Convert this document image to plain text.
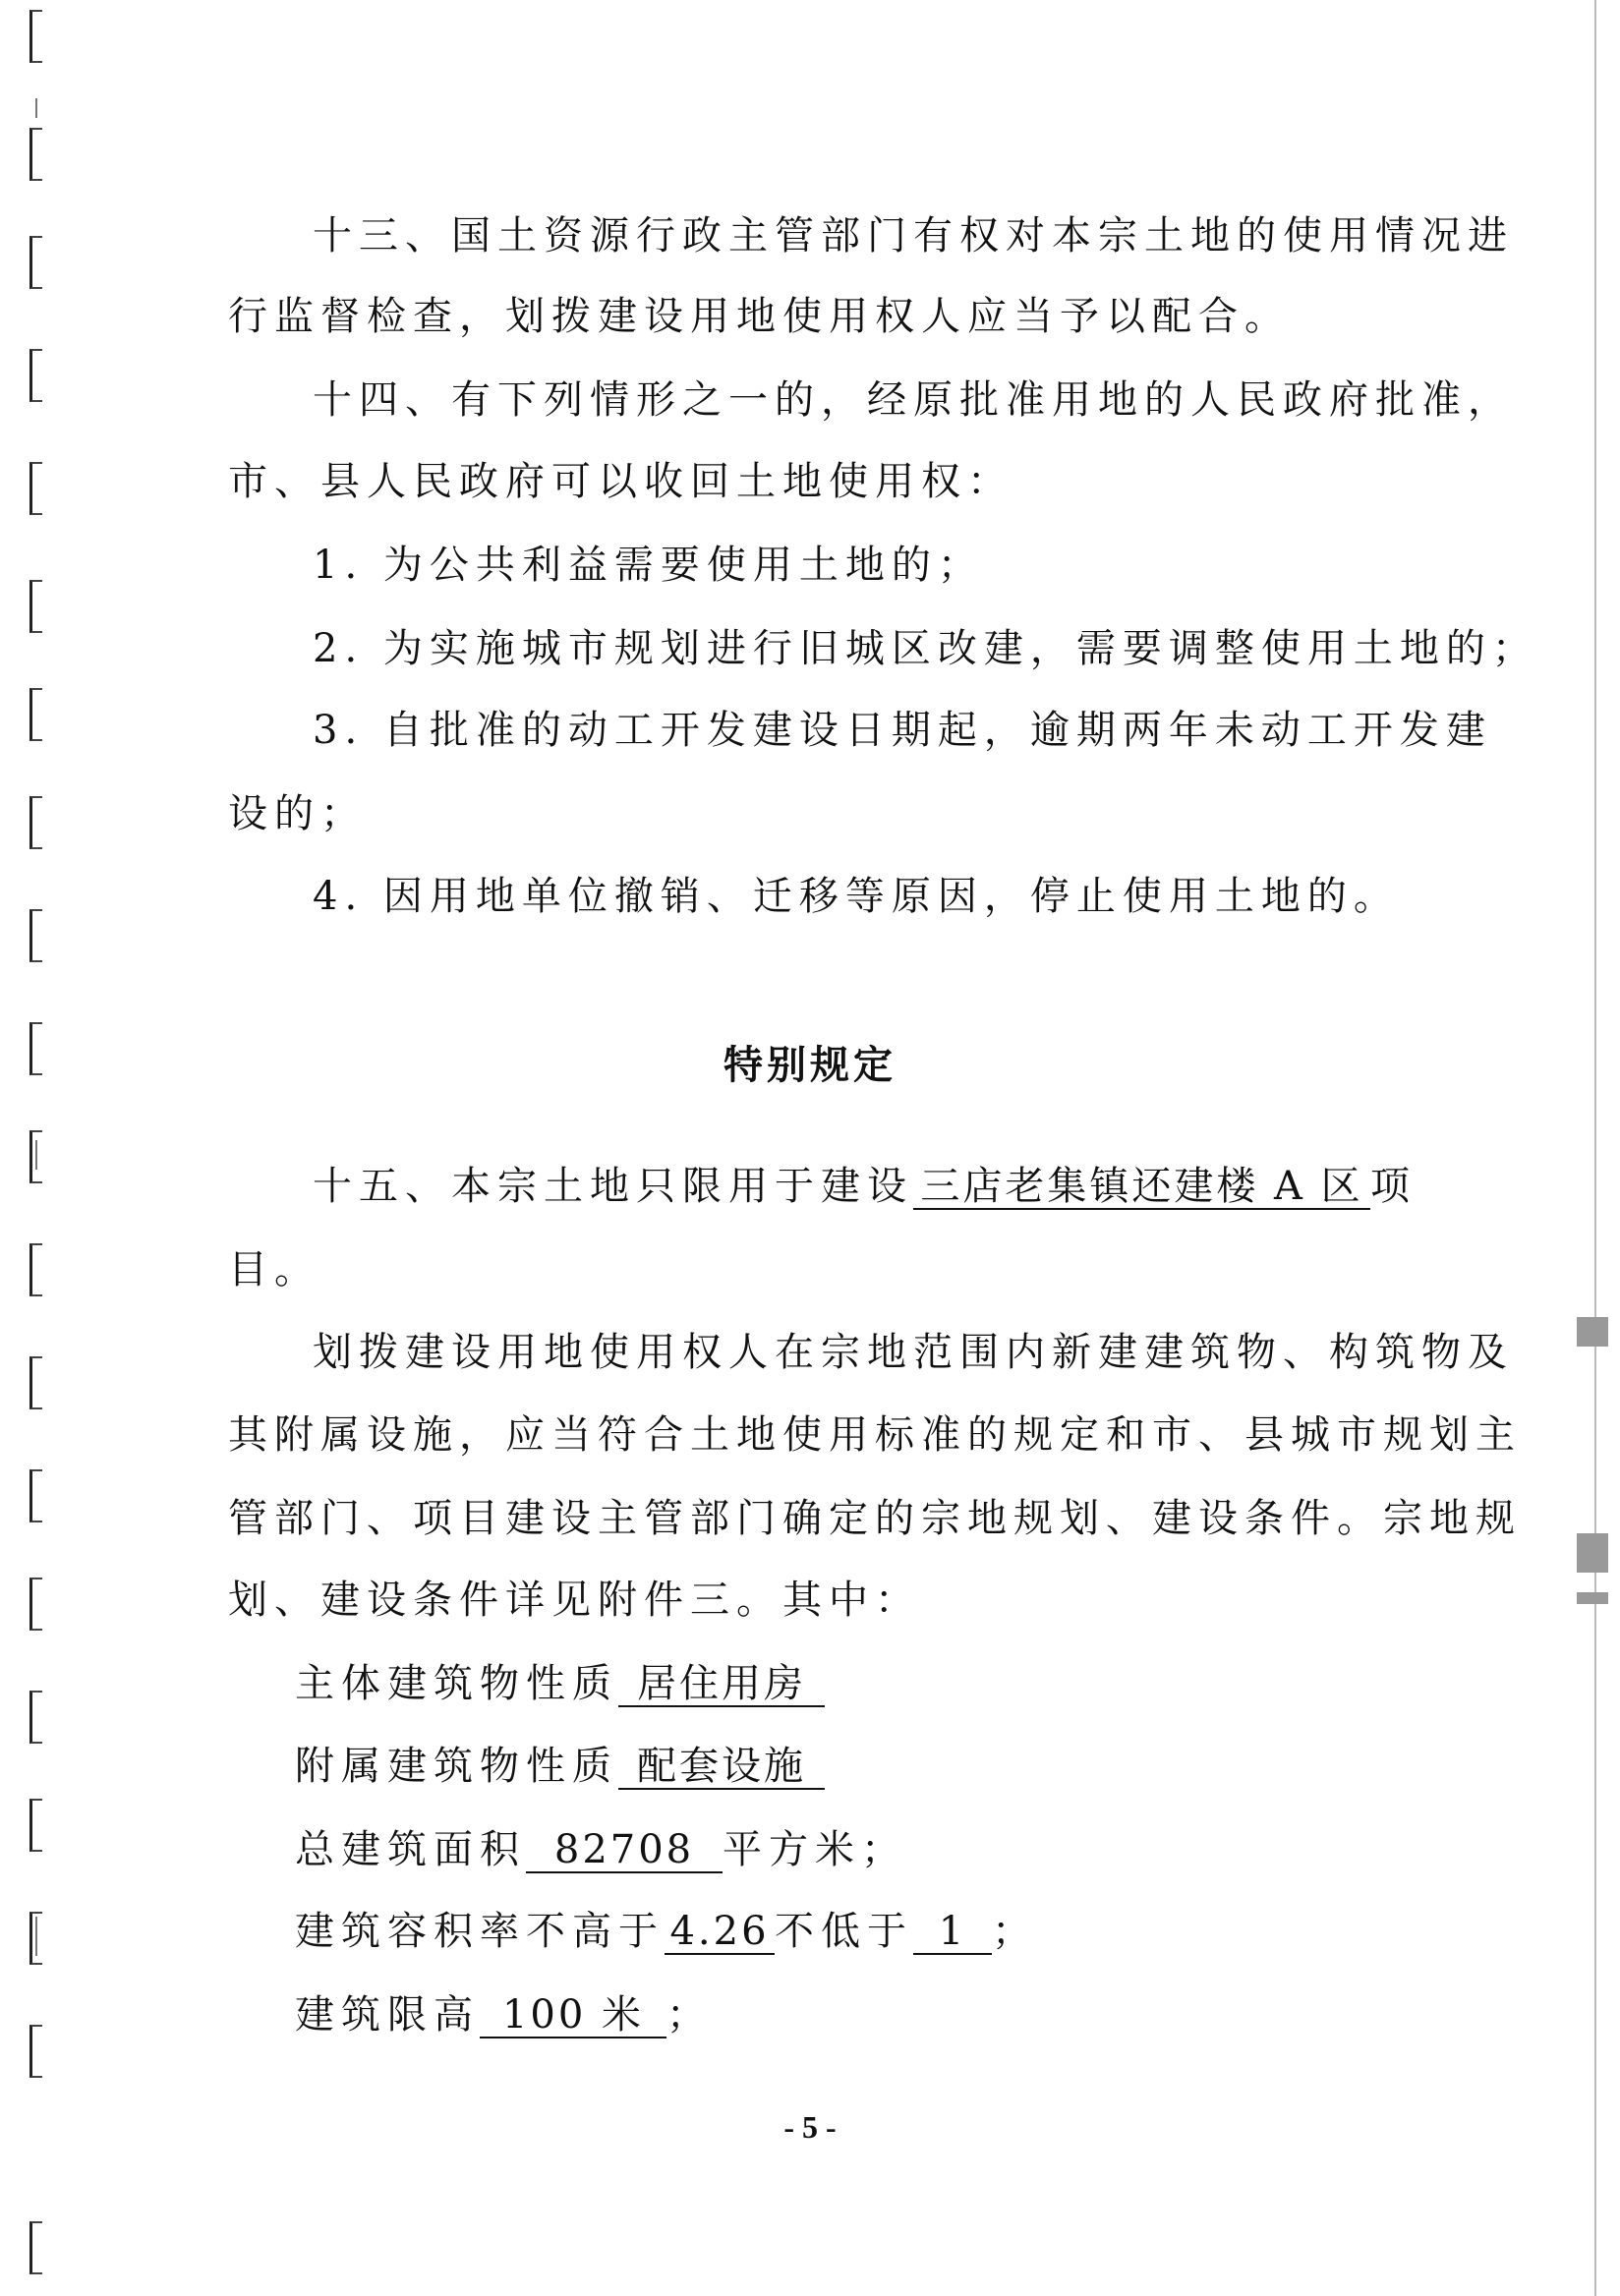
十三、国土资源行政主管部门有权对本宗土地的使用情况进
行监督检查，划拨建设用地使用权人应当予以配合。
十四、有下列情形之一的，经原批准用地的人民政府批准，
市、县人民政府可以收回土地使用权：
1. 为公共利益需要使用土地的；
2. 为实施城市规划进行旧城区改建，需要调整使用土地的；
3. 自批准的动工开发建设日期起，逾期两年未动工开发建
设的；
4. 因用地单位撤销、迁移等原因，停止使用土地的。
特别规定
十五、本宗土地只限用于建设 三店老集镇还建楼 A 区 项
目。
划拨建设用地使用权人在宗地范围内新建建筑物、构筑物及
其附属设施，应当符合土地使用标准的规定和市、县城市规划主
管部门、项目建设主管部门确定的宗地规划、建设条件。宗地规
划、建设条件详见附件三。其中：
主体建筑物性质 居住用房
附属建筑物性质 配套设施
总建筑面积 82708 平方米；
建筑容积率不高于 4.26 不低于 1 ；
建筑限高 100 米 ；
- 5 -
